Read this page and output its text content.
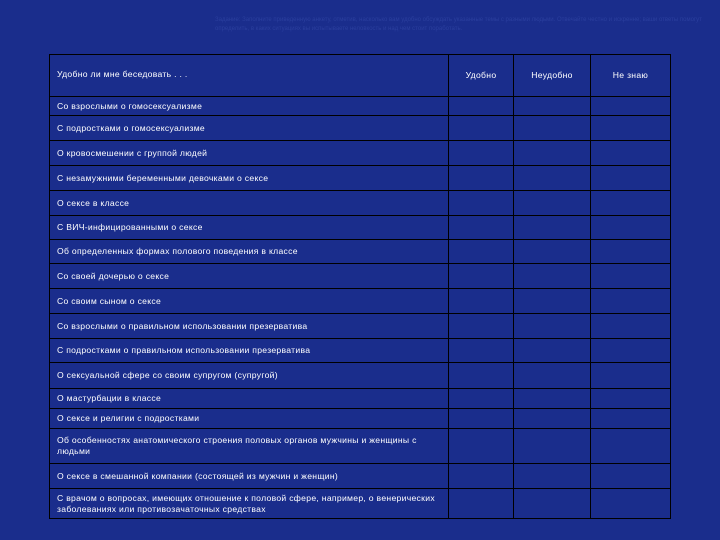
Задание: Заполните приведенную анкету, отметив, насколько вам удобно обсуждать указанные темы с разными людьми. Отвечайте честно и искренне; ваши ответы помогут определить, в каких ситуациях вы испытываете неловкость и над чем стоит поработать.
Удобно ли мне беседовать . . .	Удобно	Неудобно	Не знаю
Со взрослыми о гомосексуализме			
С подростками о гомосексуализме			
О кровосмешении с группой людей			
С незамужними беременными девочками о сексе			
О сексе в классе			
С ВИЧ-инфицированными о сексе			
Об определенных формах полового поведения в классе			
Со своей дочерью о сексе			
Со своим сыном о сексе			
Со взрослыми о правильном использовании презерватива			
С подростками о правильном использовании презерватива			
О сексуальной сфере со своим супругом (супругой)			
О мастурбации в классе			
О сексе и религии с подростками			
Об особенностях анатомического строения половых органов мужчины и женщины с людьми			
О сексе в смешанной компании (состоящей из мужчин и женщин)			
С врачом о вопросах, имеющих отношение к половой сфере, например, о венерических заболеваниях или противозачаточных средствах			
